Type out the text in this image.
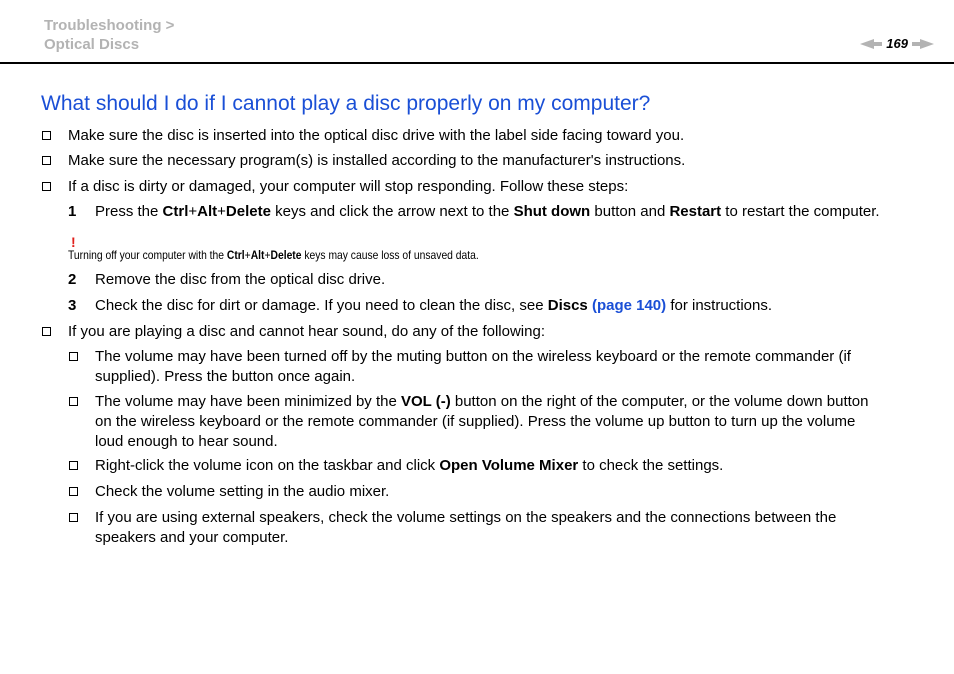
Troubleshooting >
Optical Discs	169
What should I do if I cannot play a disc properly on my computer?
Make sure the disc is inserted into the optical disc drive with the label side facing toward you.
Make sure the necessary program(s) is installed according to the manufacturer's instructions.
If a disc is dirty or damaged, your computer will stop responding. Follow these steps:
1 Press the Ctrl+Alt+Delete keys and click the arrow next to the Shut down button and Restart to restart the computer.
!
Turning off your computer with the Ctrl+Alt+Delete keys may cause loss of unsaved data.
2 Remove the disc from the optical disc drive.
3 Check the disc for dirt or damage. If you need to clean the disc, see Discs (page 140) for instructions.
If you are playing a disc and cannot hear sound, do any of the following:
The volume may have been turned off by the muting button on the wireless keyboard or the remote commander (if
supplied). Press the button once again.
The volume may have been minimized by the VOL (-) button on the right of the computer, or the volume down button
on the wireless keyboard or the remote commander (if supplied). Press the volume up button to turn up the volume
loud enough to hear sound.
Right-click the volume icon on the taskbar and click Open Volume Mixer to check the settings.
Check the volume setting in the audio mixer.
If you are using external speakers, check the volume settings on the speakers and the connections between the
speakers and your computer.
